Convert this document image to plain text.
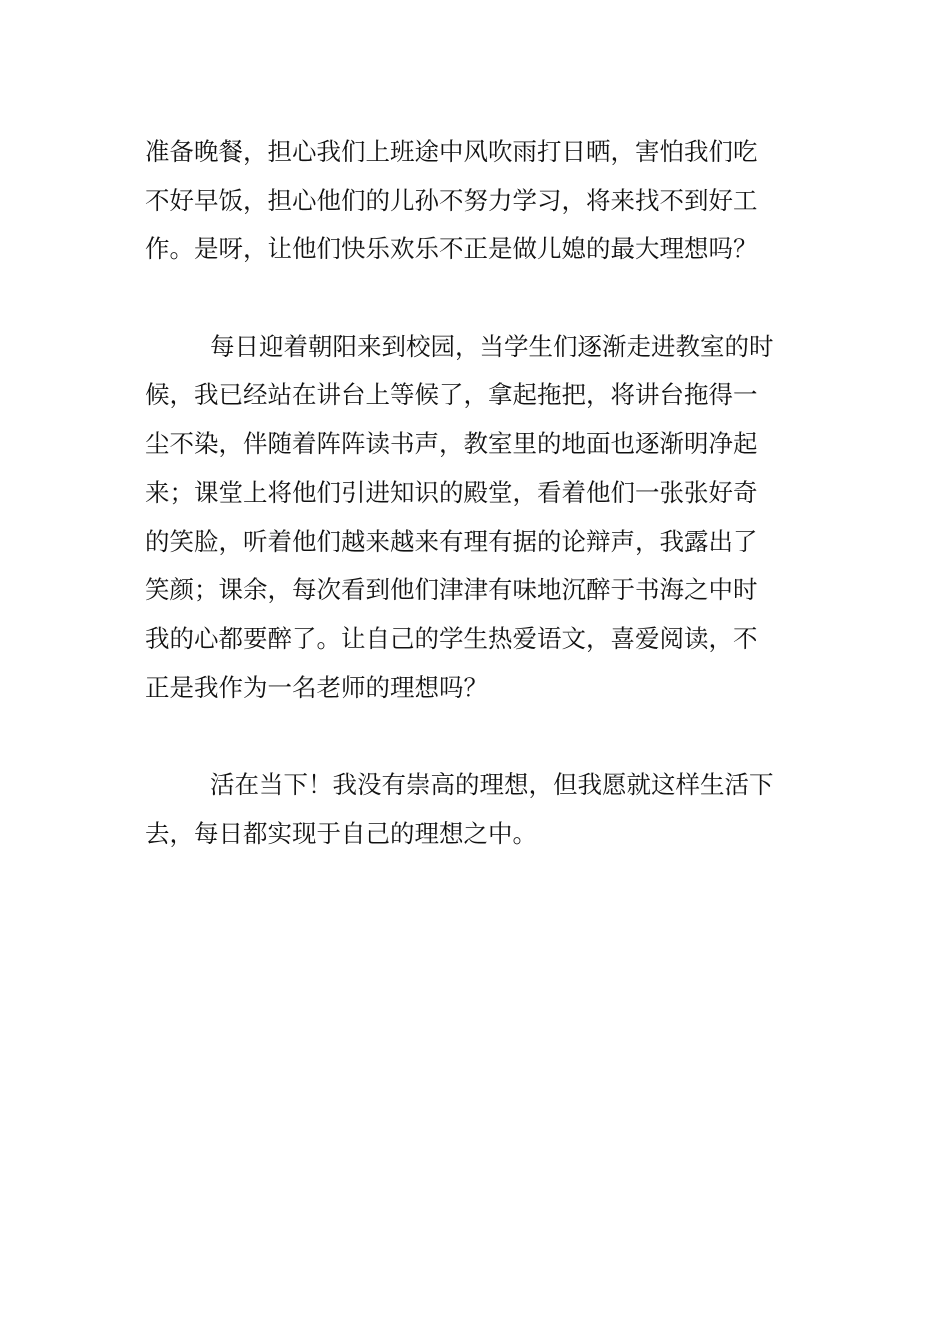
准备晚餐，担心我们上班途中风吹雨打日晒，害怕我们吃
不好早饭，担心他们的儿孙不努力学习，将来找不到好工
作。是呀，让他们快乐欢乐不正是做儿媳的最大理想吗？
每日迎着朝阳来到校园，当学生们逐渐走进教室的时
候，我已经站在讲台上等候了，拿起拖把，将讲台拖得一
尘不染，伴随着阵阵读书声，教室里的地面也逐渐明净起
来；课堂上将他们引进知识的殿堂，看着他们一张张好奇
的笑脸，听着他们越来越来有理有据的论辩声，我露出了
笑颜；课余，每次看到他们津津有味地沉醉于书海之中时
我的心都要醉了。让自己的学生热爱语文，喜爱阅读，不
正是我作为一名老师的理想吗？
活在当下！我没有崇高的理想，但我愿就这样生活下
去，每日都实现于自己的理想之中。
